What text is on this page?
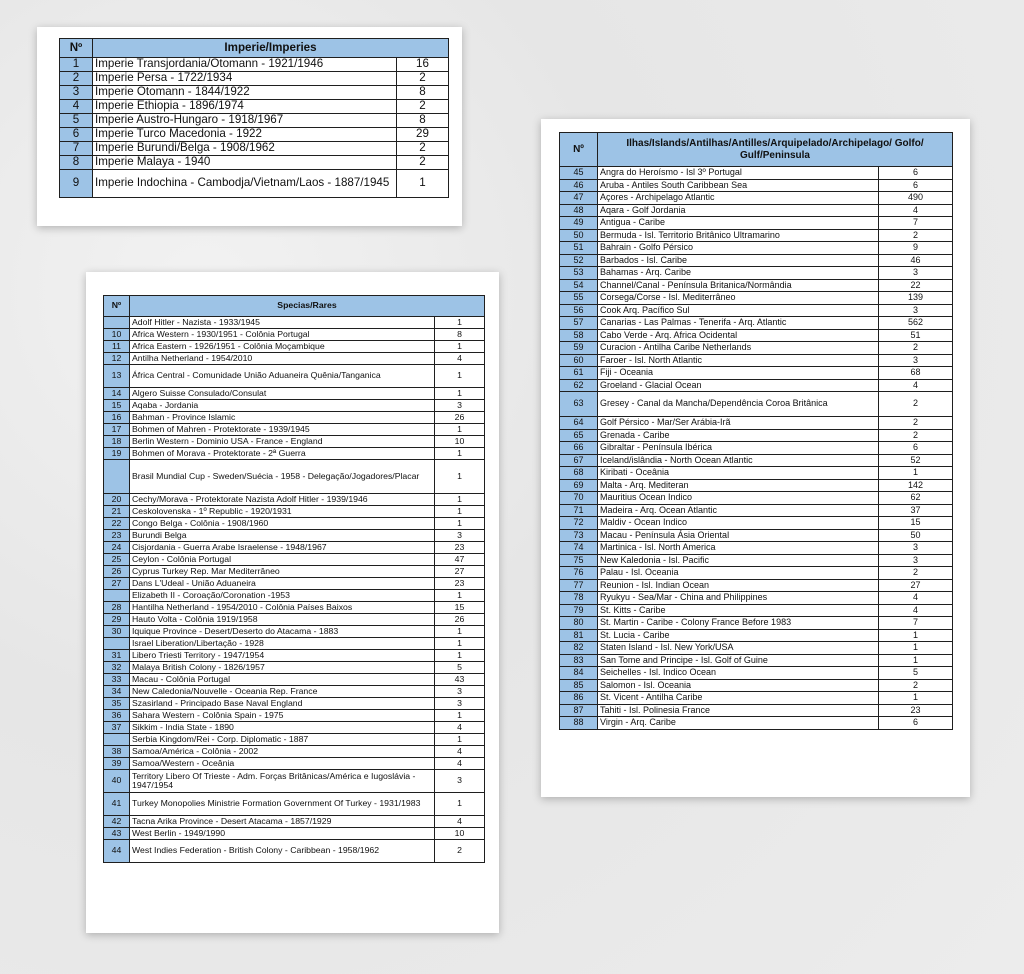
Nº	Imperie/Imperies	
1	Imperie Transjordania/Otomann - 1921/1946	16
2	Imperie Persa - 1722/1934	2
3	Imperie Otomann - 1844/1922	8
4	Imperie Ethiopia - 1896/1974	2
5	Imperie Austro-Hungaro - 1918/1967	8
6	Imperie Turco Macedonia - 1922	29
7	Imperie Burundi/Belga - 1908/1962	2
8	Imperie Malaya - 1940	2
9	Imperie Indochina - Cambodja/Vietnam/Laos - 1887/1945	1
Nº	Specias/Rares	
	Adolf Hitler - Nazista - 1933/1945	1
10	Africa Western - 1930/1951 - Colônia Portugal	8
11	Africa Eastern - 1926/1951 - Colônia Moçambique	1
12	Antilha Netherland - 1954/2010	4
13	África Central - Comunidade União Aduaneira Quênia/Tanganica	1
14	Algero Suisse Consulado/Consulat	1
15	Aqaba - Jordania	3
16	Bahman - Province Islamic	26
17	Bohmen of Mahren - Protektorate - 1939/1945	1
18	Berlin Western - Dominio USA - France - England	10
19	Bohmen of Morava - Protektorate - 2ª Guerra	1
	Brasil Mundial Cup - Sweden/Suécia - 1958 - Delegação/Jogadores/Placar	1
20	Cechy/Morava - Protektorate Nazista Adolf Hitler - 1939/1946	1
21	Ceskolovenska - 1º Republic - 1920/1931	1
22	Congo Belga - Colônia - 1908/1960	1
23	Burundi Belga	3
24	Cisjordania - Guerra Arabe Israelense - 1948/1967	23
25	Ceylon - Colônia Portugal	47
26	Cyprus Turkey Rep. Mar Mediterrâneo	27
27	Dans L'Udeal - União Aduaneira	23
	Elizabeth II - Coroação/Coronation -1953	1
28	Hantilha Netherland - 1954/2010 - Colônia Países Baixos	15
29	Hauto Volta - Colônia 1919/1958	26
30	Iquique Province - Desert/Deserto do Atacama - 1883	1
	Israel Liberation/Libertação - 1928	1
31	Libero Triesti Territory - 1947/1954	1
32	Malaya British Colony - 1826/1957	5
33	Macau - Colônia Portugal	43
34	New Caledonia/Nouvelle - Oceania Rep. France	3
35	Szasirland - Principado Base Naval England	3
36	Sahara Western - Colônia Spain - 1975	1
37	Sikkim - India State - 1890	4
	Serbia Kingdom/Rei - Corp. Diplomatic - 1887	1
38	Samoa/América - Colônia - 2002	4
39	Samoa/Western - Oceânia	4
40	Territory Libero Of Trieste - Adm. Forças Britânicas/América e Iugoslávia - 1947/1954	3
41	Turkey Monopolies Ministrie Formation Government Of Turkey - 1931/1983	1
42	Tacna Arika Province - Desert Atacama - 1857/1929	4
43	West Berlin - 1949/1990	10
44	West Indies Federation - British Colony - Caribbean - 1958/1962	2
Nº	Ilhas/Islands/Antilhas/Antilles/Arquipelado/Archipelago/ Golfo/ Gulf/Peninsula	
45	Angra do Heroísmo - Isl 3º Portugal	6
46	Aruba - Antiles South Caribbean Sea	6
47	Açores - Archipelago Atlantic	490
48	Aqara - Golf Jordania	4
49	Antigua - Caribe	7
50	Bermuda - Isl. Territorio Britânico Ultramarino	2
51	Bahrain - Golfo Pérsico	9
52	Barbados - Isl. Caribe	46
53	Bahamas - Arq. Caribe	3
54	Channel/Canal - Península Britanica/Normândia	22
55	Corsega/Corse - Isl. Mediterrâneo	139
56	Cook Arq. Pacífico Sul	3
57	Canarias - Las Palmas - Tenerifa - Arq. Atlantic	562
58	Cabo Verde - Arq. Africa Ocidental	51
59	Curacion - Antilha Caribe Netherlands	2
60	Faroer - Isl. North Atlantic	3
61	Fiji - Oceania	68
62	Groeland - Glacial Ocean	4
63	Gresey - Canal da Mancha/Dependência Coroa Britânica	2
64	Golf Pérsico - Mar/Ser Arábia-Irã	2
65	Grenada - Caribe	2
66	Gibraltar - Península Ibérica	6
67	Iceland/islândia - North Ocean Atlantic	52
68	Kiribati - Oceânia	1
69	Malta - Arq. Mediteran	142
70	Mauritius Ocean Indico	62
71	Madeira - Arq. Ocean Atlantic	37
72	Maldiv - Ocean Indico	15
73	Macau - Península Ásia Oriental	50
74	Martinica - Isl. North America	3
75	New Kaledonia - Isl. Pacific	3
76	Palau - Isl. Oceania	2
77	Reunion - Isl. Indian Ocean	27
78	Ryukyu - Sea/Mar - China and Philippines	4
79	St. Kitts - Caribe	4
80	St. Martin - Caribe - Colony France Before 1983	7
81	St. Lucia - Caribe	1
82	Staten Island - Isl. New York/USA	1
83	San Tome and Principe - Isl. Golf of Guine	1
84	Seichelles - Isl. Indico Ocean	5
85	Salomon - Isl. Oceania	2
86	St. Vicent - Antilha Caribe	1
87	Tahiti - Isl. Polinesia France	23
88	Virgin - Arq. Caribe	6
